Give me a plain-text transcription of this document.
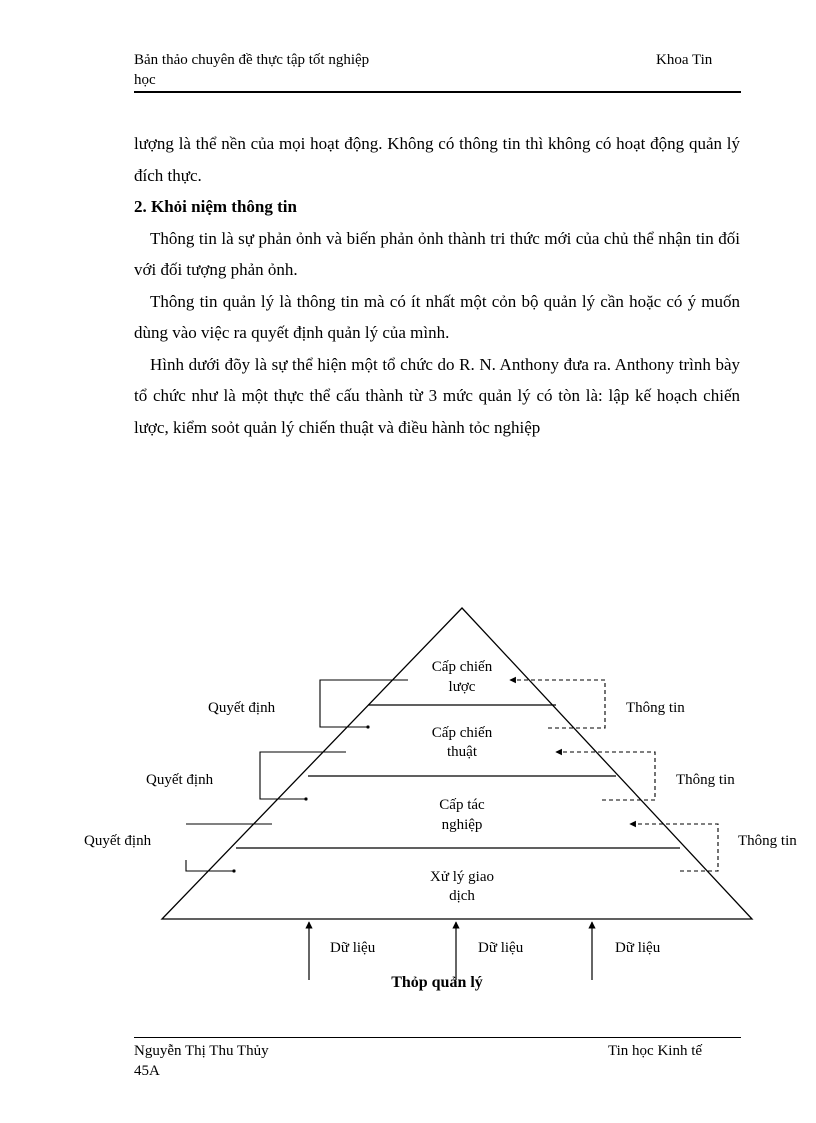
Bản thảo chuyên đề thực tập tốt nghiệp
học
Khoa Tin

lượng là thể nền của mọi hoạt động. Không có thông tin thì không có hoạt động quản lý đích thực.

2. Khỏi niệm thông tin

Thông tin là sự phản ỏnh và biến phản ỏnh thành tri thức mới của chủ thể nhận tin đối với đối tượng phản ỏnh.

Thông tin quản lý là thông tin mà có ít nhất một cỏn bộ quản lý cần hoặc có ý muốn dùng vào việc ra quyết định quản lý của mình.

Hình dưới đõy là sự thể hiện một tổ chức do R. N. Anthony đưa ra. Anthony trình bày tổ chức như là một thực thể cấu thành từ 3 mức quản lý có tòn là: lập kế hoạch chiến lược, kiểm soỏt quản lý chiến thuật và điều hành tỏc nghiệp

Cấp chiến
lược
Cấp chiến
thuật
Cấp tác
nghiệp
Xử lý giao
dịch
Quyết định
Quyết định
Quyết định
Thông tin
Thông tin
Thông tin
Dữ liệu	Dữ liệu	Dữ liệu
Thỏp quản lý
Nguyễn Thị Thu Thủy
45A
Tin học Kinh tế
